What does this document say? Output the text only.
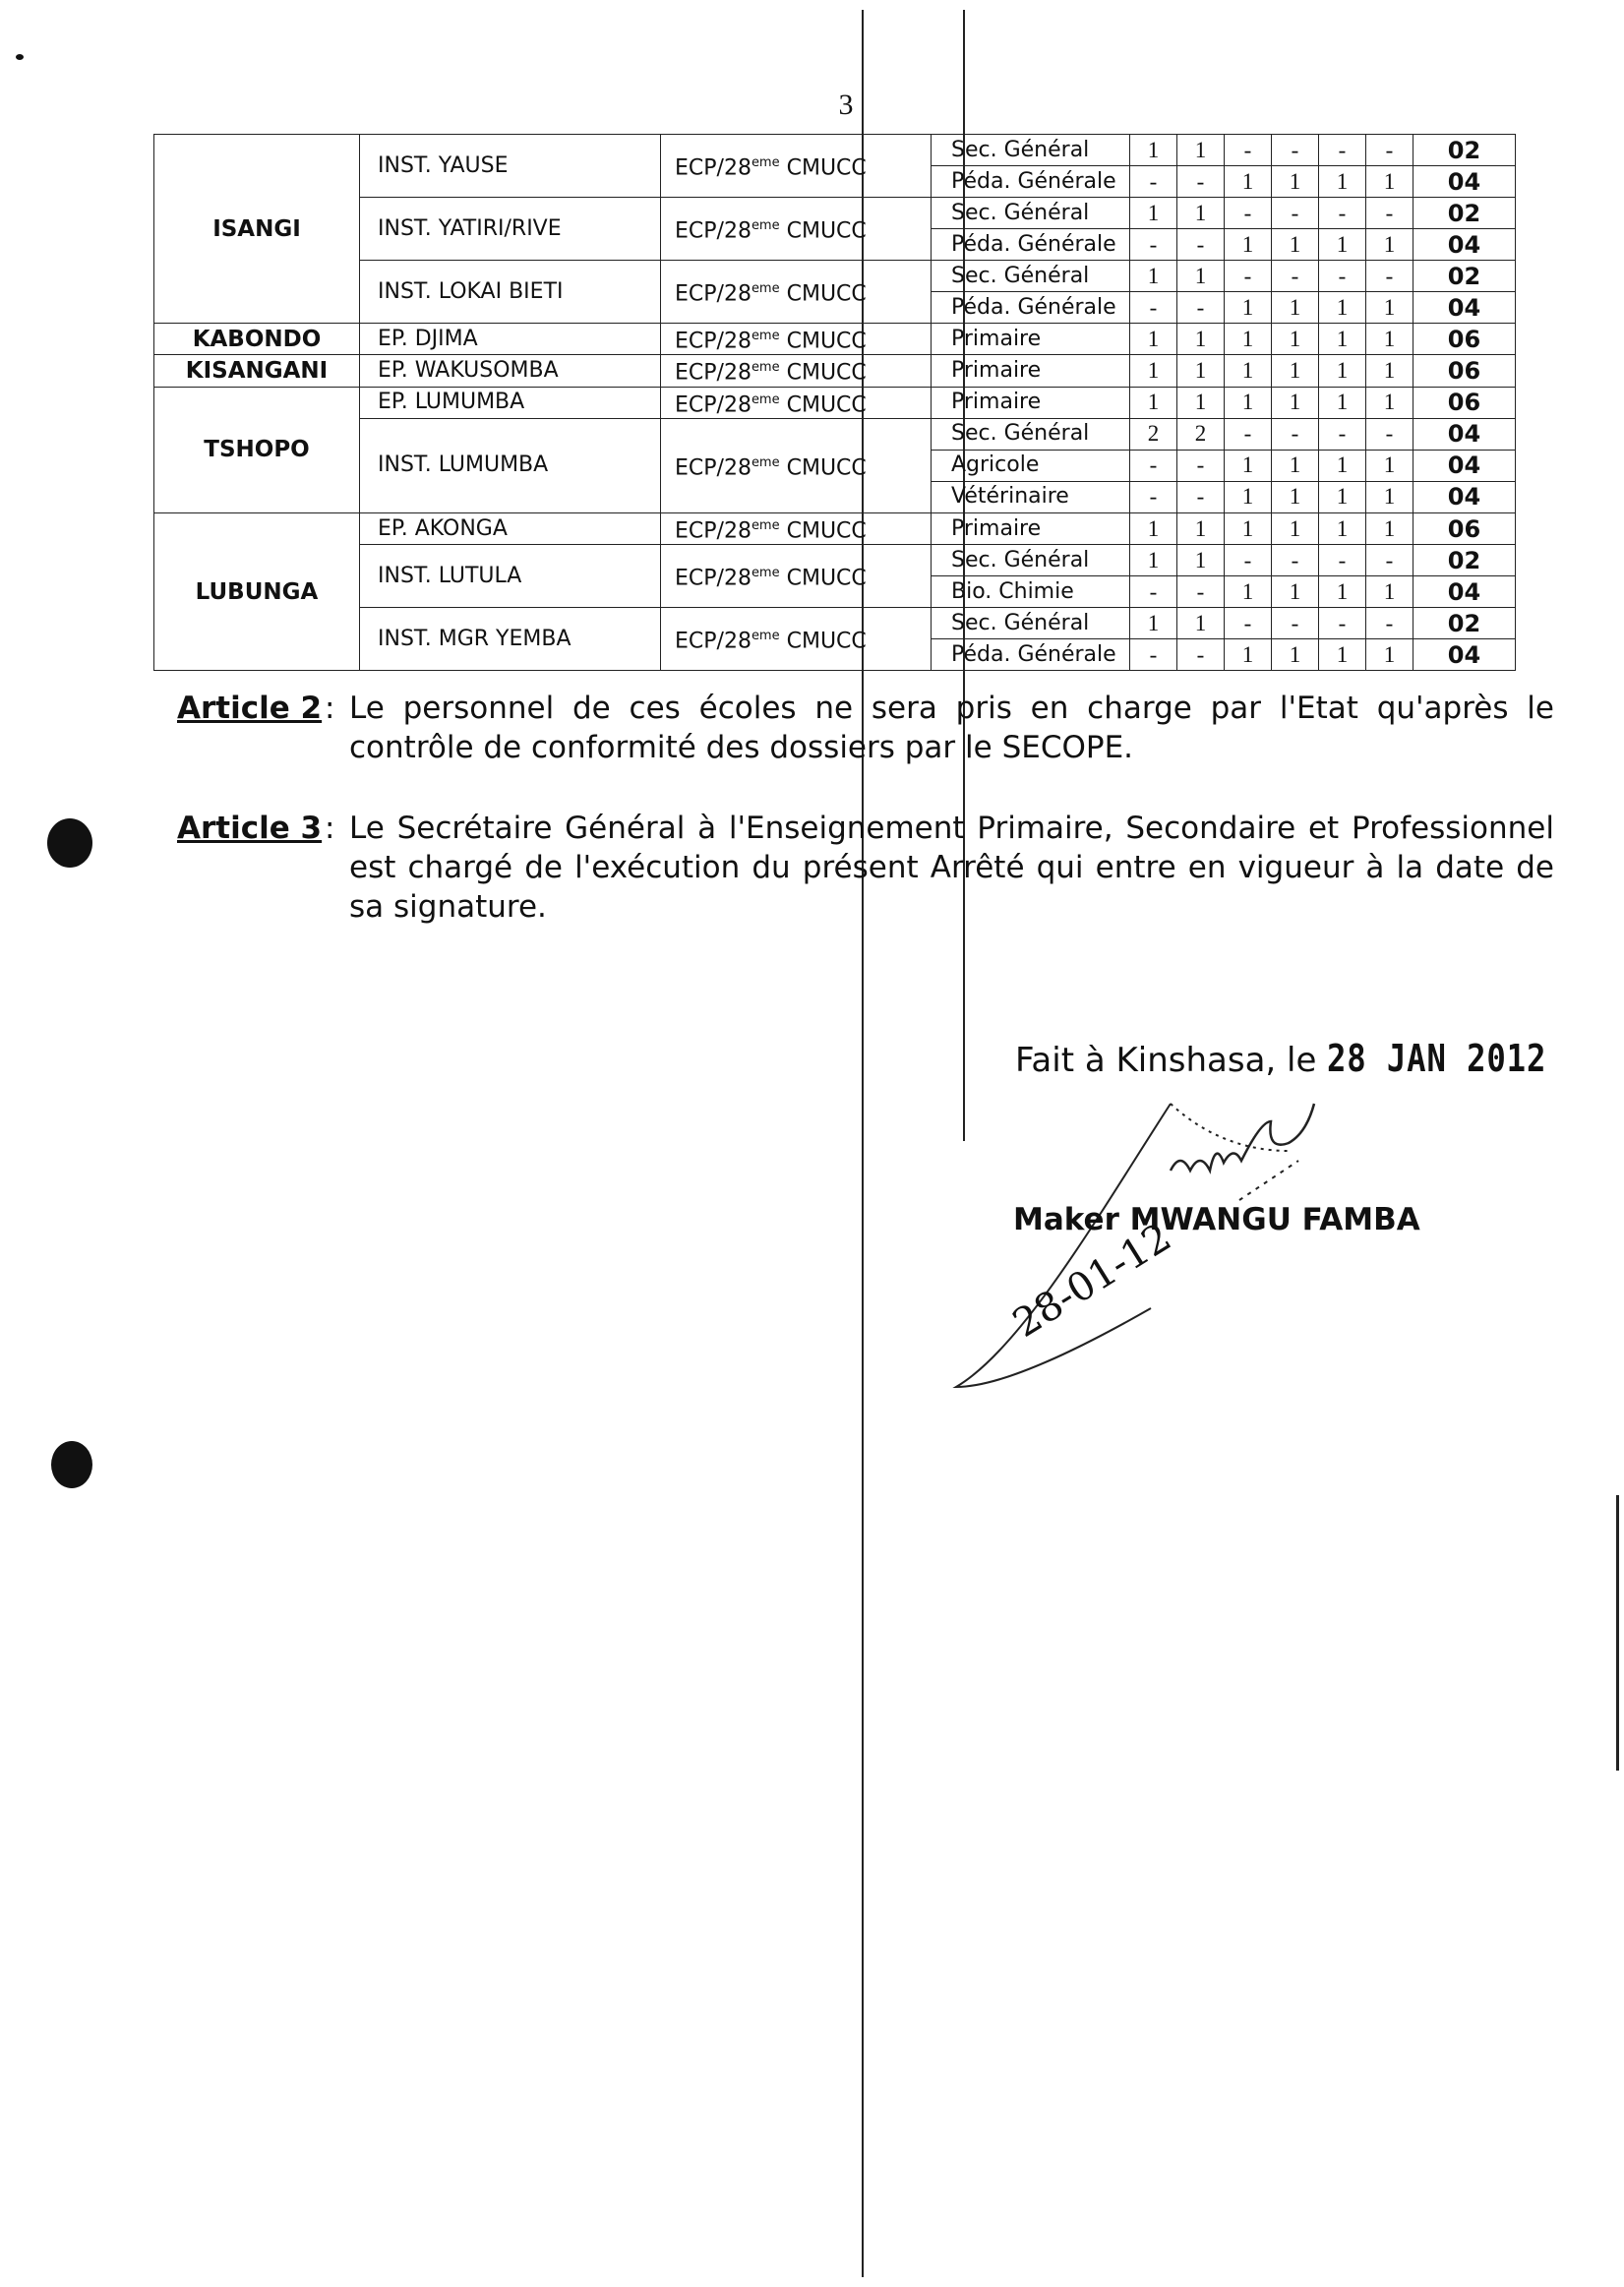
3
ISANGI	INST. YAUSE	ECP/28eme CMUCC	Sec. Général	1	1	-	-	-	-	02
			Péda. Générale	-	-	1	1	1	1	04
	INST. YATIRI/RIVE	ECP/28eme CMUCC	Sec. Général	1	1	-	-	-	-	02
			Péda. Générale	-	-	1	1	1	1	04
	INST. LOKAI BIETI	ECP/28eme CMUCC	Sec. Général	1	1	-	-	-	-	02
			Péda. Générale	-	-	1	1	1	1	04
KABONDO	EP. DJIMA	ECP/28eme CMUCC	Primaire	1	1	1	1	1	1	06
KISANGANI	EP. WAKUSOMBA	ECP/28eme CMUCC	Primaire	1	1	1	1	1	1	06
TSHOPO	EP. LUMUMBA	ECP/28eme CMUCC	Primaire	1	1	1	1	1	1	06
	INST. LUMUMBA	ECP/28eme CMUCC	Sec. Général	2	2	-	-	-	-	04
			Agricole	-	-	1	1	1	1	04
			Vétérinaire	-	-	1	1	1	1	04
LUBUNGA	EP. AKONGA	ECP/28eme CMUCC	Primaire	1	1	1	1	1	1	06
	INST. LUTULA	ECP/28eme CMUCC	Sec. Général	1	1	-	-	-	-	02
			Bio. Chimie	-	-	1	1	1	1	04
	INST. MGR YEMBA	ECP/28eme CMUCC	Sec. Général	1	1	-	-	-	-	02
			Péda. Générale	-	-	1	1	1	1	04
Article 2 : Le personnel de ces écoles ne sera pris en charge par l'Etat qu'après le contrôle de conformité des dossiers par le SECOPE.
Article 3 : Le Secrétaire Général à l'Enseignement Primaire, Secondaire et Professionnel est chargé de l'exécution du présent Arrêté qui entre en vigueur à la date de sa signature.
Fait à Kinshasa, le 28 JAN 2012
Maker MWANGU FAMBA
28-01-12
